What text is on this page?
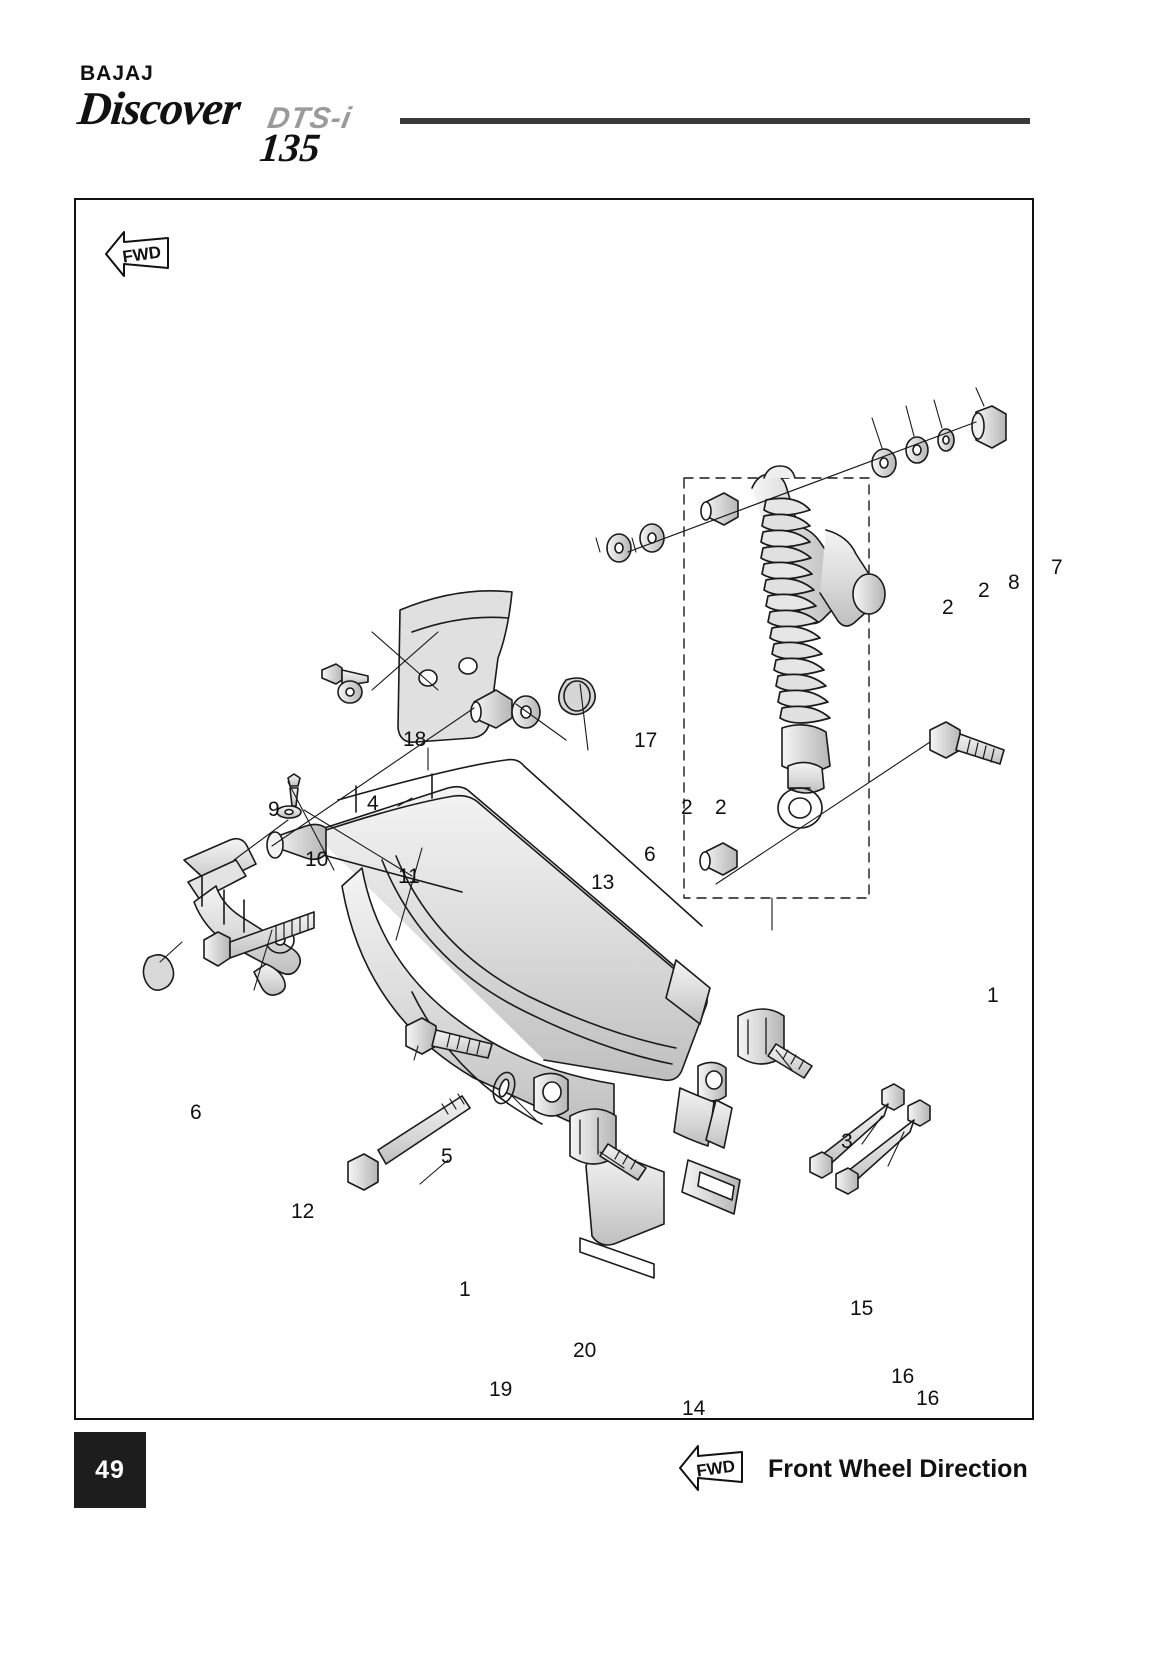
BAJAJ
Discover DTS-i
135
FWD
18	17
4
9
10
11
2
2 8
7
2 2
6
13
1
3
5
6
12
1
20
19
15
14
16
16
49	FWD Front Wheel Direction
